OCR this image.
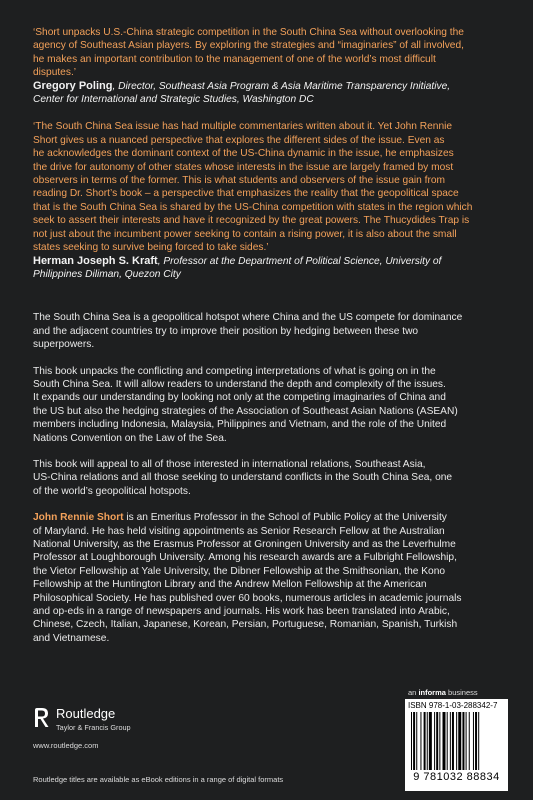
‘Short unpacks U.S.-China strategic competition in the South China Sea without overlooking the
agency of Southeast Asian players. By exploring the strategies and “imaginaries” of all involved,
he makes an important contribution to the management of one of the world’s most difficult
disputes.’

Gregory Poling, Director, Southeast Asia Program & Asia Maritime Transparency Initiative,
Center for International and Strategic Studies, Washington DC

‘The South China Sea issue has had multiple commentaries written about it. Yet John Rennie
Short gives us a nuanced perspective that explores the different sides of the issue. Even as
he acknowledges the dominant context of the US-China dynamic in the issue, he emphasizes
the drive for autonomy of other states whose interests in the issue are largely framed by most
observers in terms of the former. This is what students and observers of the issue gain from
reading Dr. Short’s book – a perspective that emphasizes the reality that the geopolitical space
that is the South China Sea is shared by the US-China competition with states in the region which
seek to assert their interests and have it recognized by the great powers. The Thucydides Trap is
not just about the incumbent power seeking to contain a rising power, it is also about the small
states seeking to survive being forced to take sides.’

Herman Joseph S. Kraft, Professor at the Department of Political Science, University of
Philippines Diliman, Quezon City

The South China Sea is a geopolitical hotspot where China and the US compete for dominance
and the adjacent countries try to improve their position by hedging between these two
superpowers.

This book unpacks the conflicting and competing interpretations of what is going on in the
South China Sea. It will allow readers to understand the depth and complexity of the issues.
It expands our understanding by looking not only at the competing imaginaries of China and
the US but also the hedging strategies of the Association of Southeast Asian Nations (ASEAN)
members including Indonesia, Malaysia, Philippines and Vietnam, and the role of the United
Nations Convention on the Law of the Sea.

This book will appeal to all of those interested in international relations, Southeast Asia,
US-China relations and all those seeking to understand conflicts in the South China Sea, one
of the world’s geopolitical hotspots.

John Rennie Short is an Emeritus Professor in the School of Public Policy at the University
of Maryland. He has held visiting appointments as Senior Research Fellow at the Australian
National University, as the Erasmus Professor at Groningen University and as the Leverhulme
Professor at Loughborough University. Among his research awards are a Fulbright Fellowship,
the Vietor Fellowship at Yale University, the Dibner Fellowship at the Smithsonian, the Kono
Fellowship at the Huntington Library and the Andrew Mellon Fellowship at the American
Philosophical Society. He has published over 60 books, numerous articles in academic journals
and op-eds in a range of newspapers and journals. His work has been translated into Arabic,
Chinese, Czech, Italian, Japanese, Korean, Persian, Portuguese, Romanian, Spanish, Turkish
and Vietnamese.

Routledge
Taylor & Francis Group
www.routledge.com
Routledge titles are available as eBook editions in a range of digital formats
an informa business
ISBN 978-1-03-288342-7
9 781032 88834
